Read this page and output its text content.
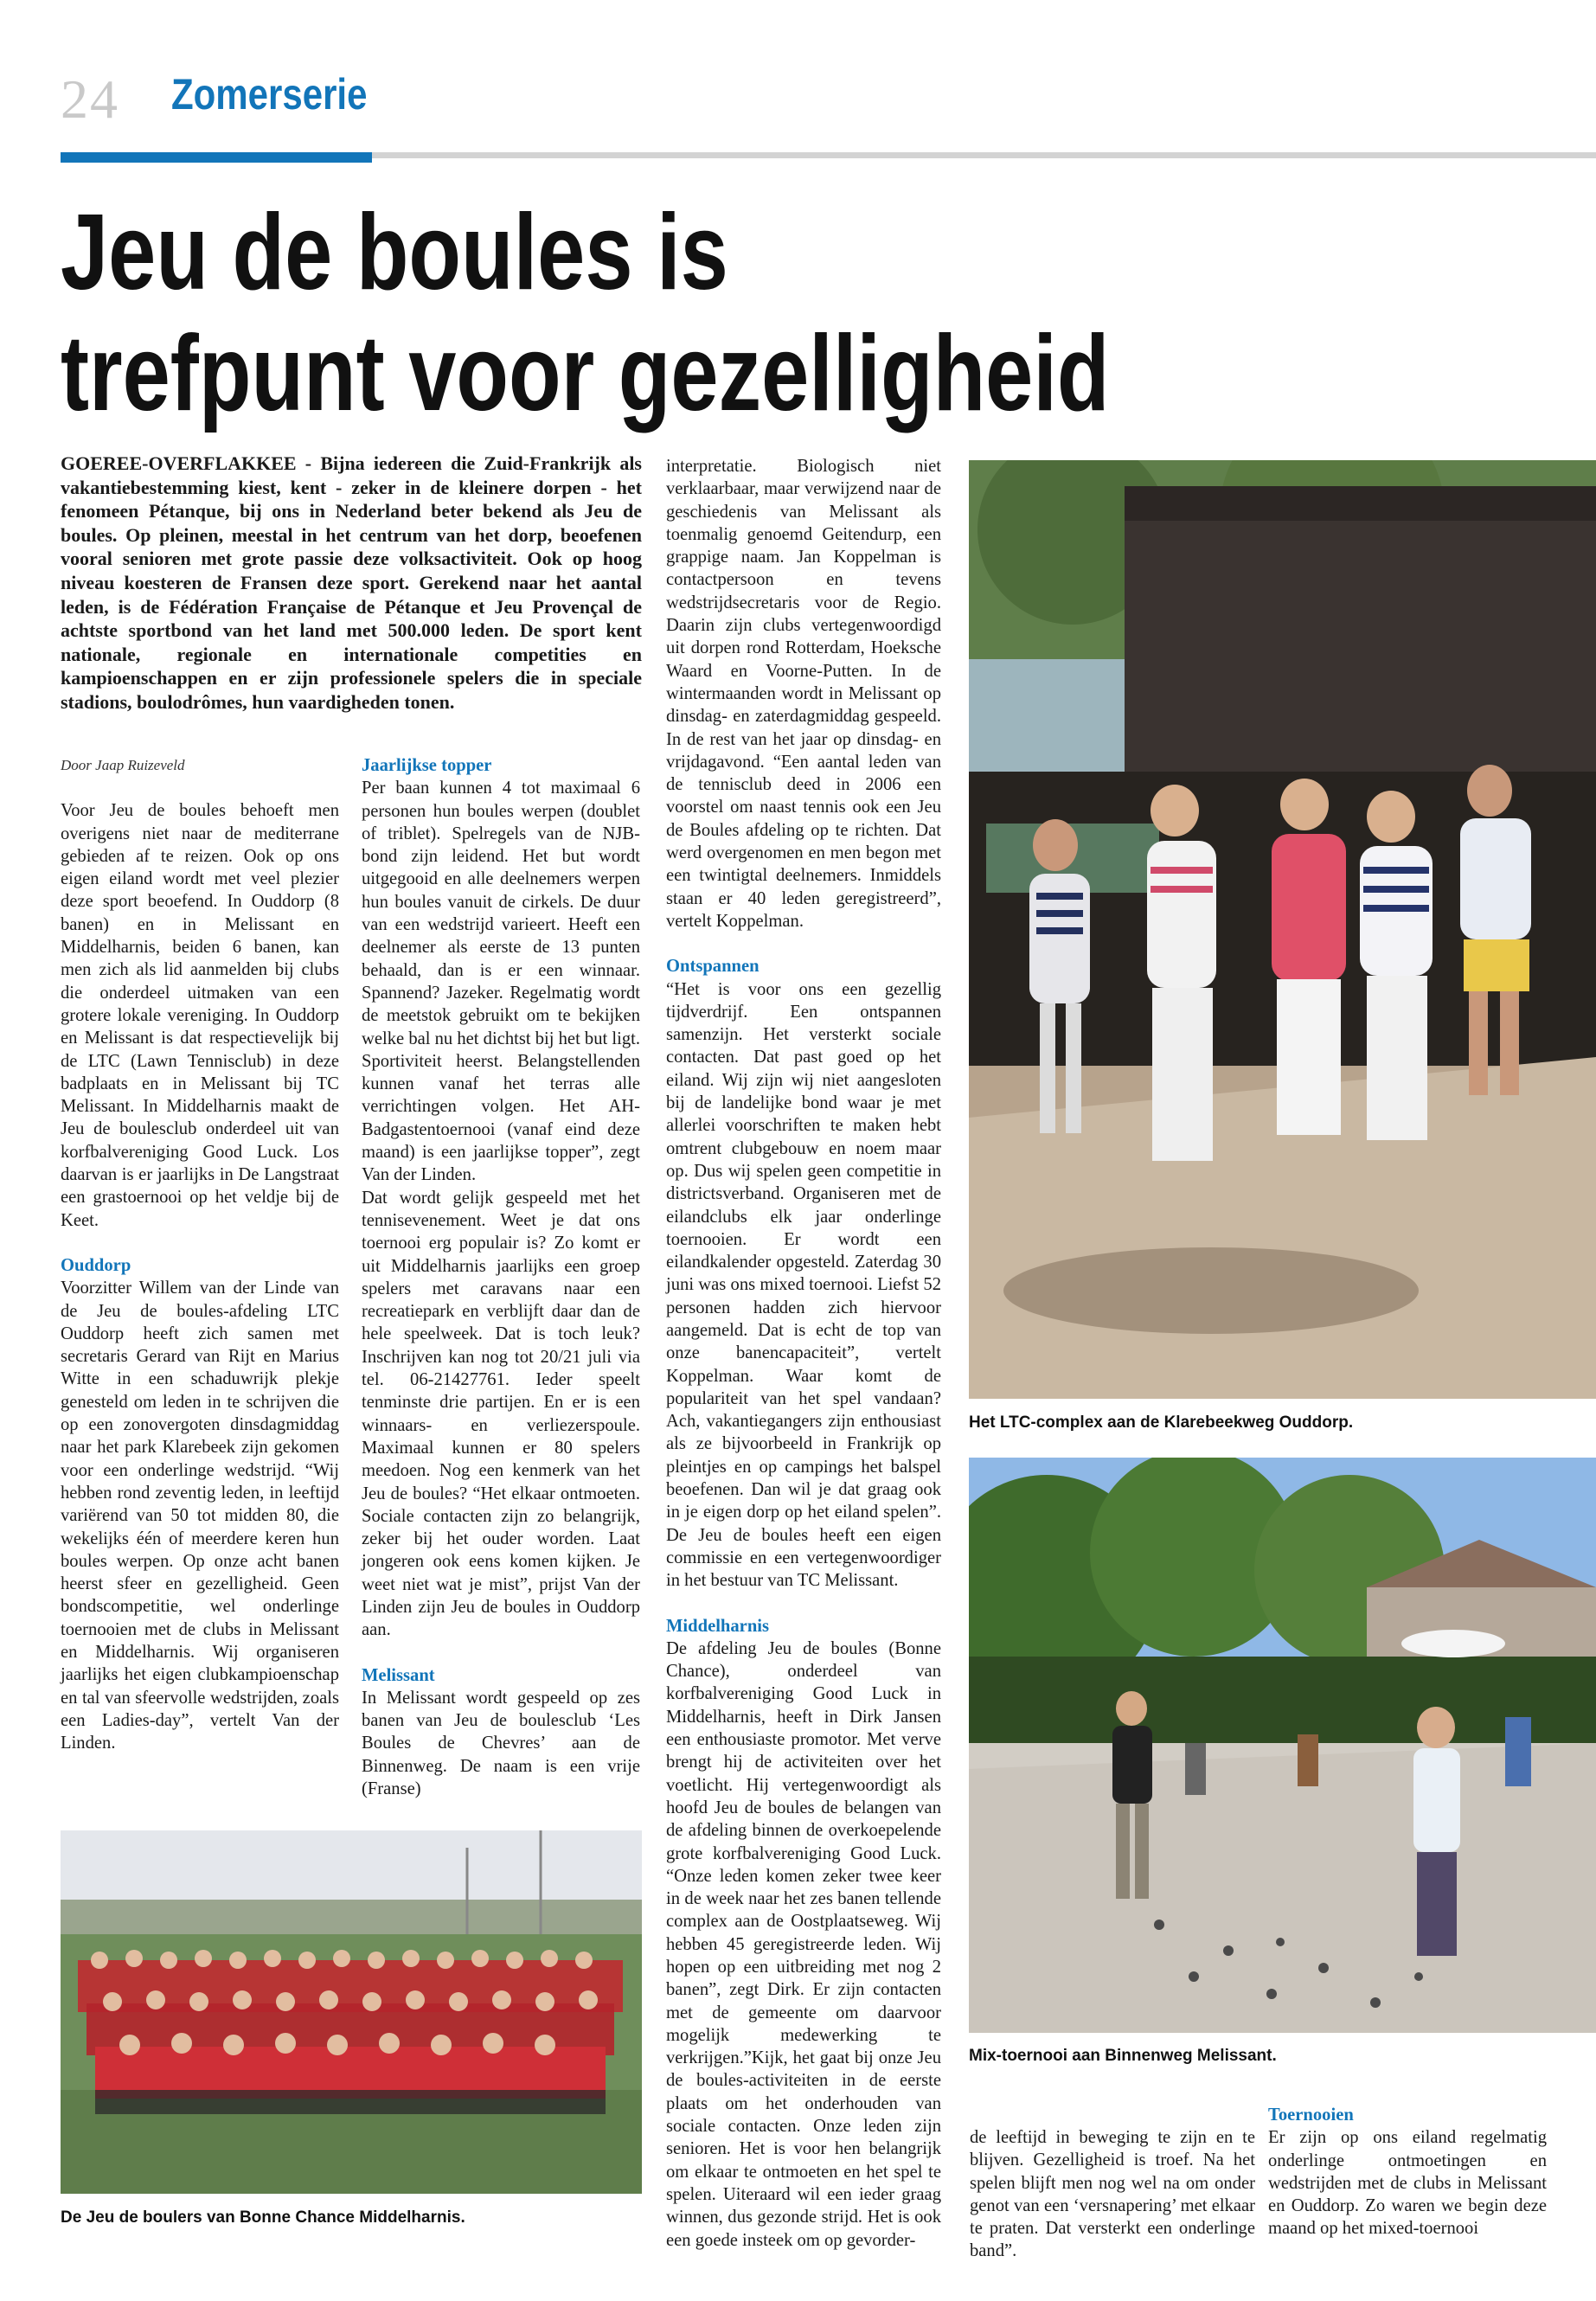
24 Zomerserie
Jeu de boules is
trefpunt voor gezelligheid

GOEREE-OVERFLAKKEE - Bijna iedereen die Zuid-Frankrijk als vakantiebestemming kiest, kent - zeker in de kleinere dorpen - het fenomeen Pétanque, bij ons in Nederland beter bekend als Jeu de boules. Op pleinen, meestal in het centrum van het dorp, beoefenen vooral senioren met grote passie deze volksactiviteit. Ook op hoog niveau koesteren de Fransen deze sport. Gerekend naar het aantal leden, is de Fédération Française de Pétanque et Jeu Provençal de achtste sportbond van het land met 500.000 leden. De sport kent nationale, regionale en internationale competities en kampioenschappen en er zijn professionele spelers die in speciale stadions, boulodrômes, hun vaardigheden tonen.

Door Jaap Ruizeveld

Voor Jeu de boules behoeft men overigens niet naar de mediterrane gebieden af te reizen. Ook op ons eigen eiland wordt met veel plezier deze sport beoefend. In Ouddorp (8 banen) en in Melissant en Middelharnis, beiden 6 banen, kan men zich als lid aanmelden bij clubs die onderdeel uitmaken van een grotere lokale vereniging. In Ouddorp en Melissant is dat respectievelijk bij de LTC (Lawn Tennisclub) in deze badplaats en in Melissant bij TC Melissant. In Middelharnis maakt de Jeu de boulesclub onderdeel uit van korfbalvereniging Good Luck. Los daarvan is er jaarlijks in De Langstraat een grastoernooi op het veldje bij de Keet.

Ouddorp

Voorzitter Willem van der Linde van de Jeu de boules-afdeling LTC Ouddorp heeft zich samen met secretaris Gerard van Rijt en Marius Witte in een schaduwrijk plekje genesteld om leden in te schrijven die op een zonovergoten dinsdagmiddag naar het park Klarebeek zijn gekomen voor een onderlinge wedstrijd. “Wij hebben rond zeventig leden, in leeftijd variërend van 50 tot midden 80, die wekelijks één of meerdere keren hun boules werpen. Op onze acht banen heerst sfeer en gezelligheid. Geen bondscompetitie, wel onderlinge toernooien met de clubs in Melissant en Middelharnis. Wij organiseren jaarlijks het eigen clubkampioenschap en tal van sfeervolle wedstrijden, zoals een Ladies-day”, vertelt Van der Linden.

Jaarlijkse topper

Per baan kunnen 4 tot maximaal 6 personen hun boules werpen (doublet of triblet). Spelregels van de NJB-bond zijn leidend. Het but wordt uitgegooid en alle deelnemers werpen hun boules vanuit de cirkels. De duur van een wedstrijd varieert. Heeft een deelnemer als eerste de 13 punten behaald, dan is er een winnaar. Spannend? Jazeker. Regelmatig wordt de meetstok gebruikt om te bekijken welke bal nu het dichtst bij het but ligt. Sportiviteit heerst. Belangstellenden kunnen vanaf het terras alle verrichtingen volgen. Het AH-Badgastentoernooi (vanaf eind deze maand) is een jaarlijkse topper”, zegt Van der Linden.

Dat wordt gelijk gespeeld met het tennisevenement. Weet je dat ons toernooi erg populair is? Zo komt er uit Middelharnis jaarlijks een groep spelers met caravans naar een recreatiepark en verblijft daar dan de hele speelweek. Dat is toch leuk? Inschrijven kan nog tot 20/21 juli via tel. 06-21427761. Ieder speelt tenminste drie partijen. En er is een winnaars- en verliezerspoule. Maximaal kunnen er 80 spelers meedoen. Nog een kenmerk van het Jeu de boules? “Het elkaar ontmoeten. Sociale contacten zijn zo belangrijk, zeker bij het ouder worden. Laat jongeren ook eens komen kijken. Je weet niet wat je mist”, prijst Van der Linden zijn Jeu de boules in Ouddorp aan.

Melissant

In Melissant wordt gespeeld op zes banen van Jeu de boulesclub ‘Les Boules de Chevres’ aan de Binnenweg. De naam is een vrije (Franse)

interpretatie. Biologisch niet verklaarbaar, maar verwijzend naar de geschiedenis van Melissant als toenmalig genoemd Geitendurp, een grappige naam. Jan Koppelman is contactpersoon en tevens wedstrijdsecretaris voor de Regio. Daarin zijn clubs vertegenwoordigd uit dorpen rond Rotterdam, Hoeksche Waard en Voorne-Putten. In de wintermaanden wordt in Melissant op dinsdag- en zaterdagmiddag gespeeld. In de rest van het jaar op dinsdag- en vrijdagavond. “Een aantal leden van de tennisclub deed in 2006 een voorstel om naast tennis ook een Jeu de Boules afdeling op te richten. Dat werd overgenomen en men begon met een twintigtal deelnemers. Inmiddels staan er 40 leden geregistreerd”, vertelt Koppelman.

Ontspannen

“Het is voor ons een gezellig tijdverdrijf. Een ontspannen samenzijn. Het versterkt sociale contacten. Dat past goed op het eiland. Wij zijn wij niet aangesloten bij de landelijke bond waar je met allerlei voorschriften te maken hebt omtrent clubgebouw en noem maar op. Dus wij spelen geen competitie in districtsverband. Organiseren met de eilandclubs elk jaar onderlinge toernooien. Er wordt een eilandkalender opgesteld. Zaterdag 30 juni was ons mixed toernooi. Liefst 52 personen hadden zich hiervoor aangemeld. Dat is echt de top van onze banencapaciteit”, vertelt Koppelman. Waar komt de populariteit van het spel vandaan? Ach, vakantiegangers zijn enthousiast als ze bijvoorbeeld in Frankrijk op pleintjes en op campings het balspel beoefenen. Dan wil je dat graag ook in je eigen dorp op het eiland spelen”. De Jeu de boules heeft een eigen commissie en een vertegenwoordiger in het bestuur van TC Melissant.

Middelharnis

De afdeling Jeu de boules (Bonne Chance), onderdeel van korfbalvereniging Good Luck in Middelharnis, heeft in Dirk Jansen een enthousiaste promotor. Met verve brengt hij de activiteiten over het voetlicht. Hij vertegenwoordigt als hoofd Jeu de boules de belangen van de afdeling binnen de overkoepelende grote korfbalvereniging Good Luck. “Onze leden komen zeker twee keer in de week naar het zes banen tellende complex aan de Oostplaatseweg. Wij hebben 45 geregistreerde leden. Wij hopen op een uitbreiding met nog 2 banen”, zegt Dirk. Er zijn contacten met de gemeente om daarvoor mogelijk medewerking te verkrijgen.”Kijk, het gaat bij onze Jeu de boules-activiteiten in de eerste plaats om het onderhouden van sociale contacten. Onze leden zijn senioren. Het is voor hen belangrijk om elkaar te ontmoeten en het spel te spelen. Uiteraard wil een ieder graag winnen, dus gezonde strijd. Het is ook een goede insteek om op gevorder-

de leeftijd in beweging te zijn en te blijven. Gezelligheid is troef. Na het spelen blijft men nog wel na om onder genot van een ‘versnapering’ met elkaar te praten. Dat versterkt een onderlinge band”.

Toernooien

Er zijn op ons eiland regelmatig onderlinge ontmoetingen en wedstrijden met de clubs in Melissant en Ouddorp. Zo waren we begin deze maand op het mixed-toernooi

Het LTC-complex aan de Klarebeekweg Ouddorp.
Mix-toernooi aan Binnenweg Melissant.
De Jeu de boulers van Bonne Chance Middelharnis.
